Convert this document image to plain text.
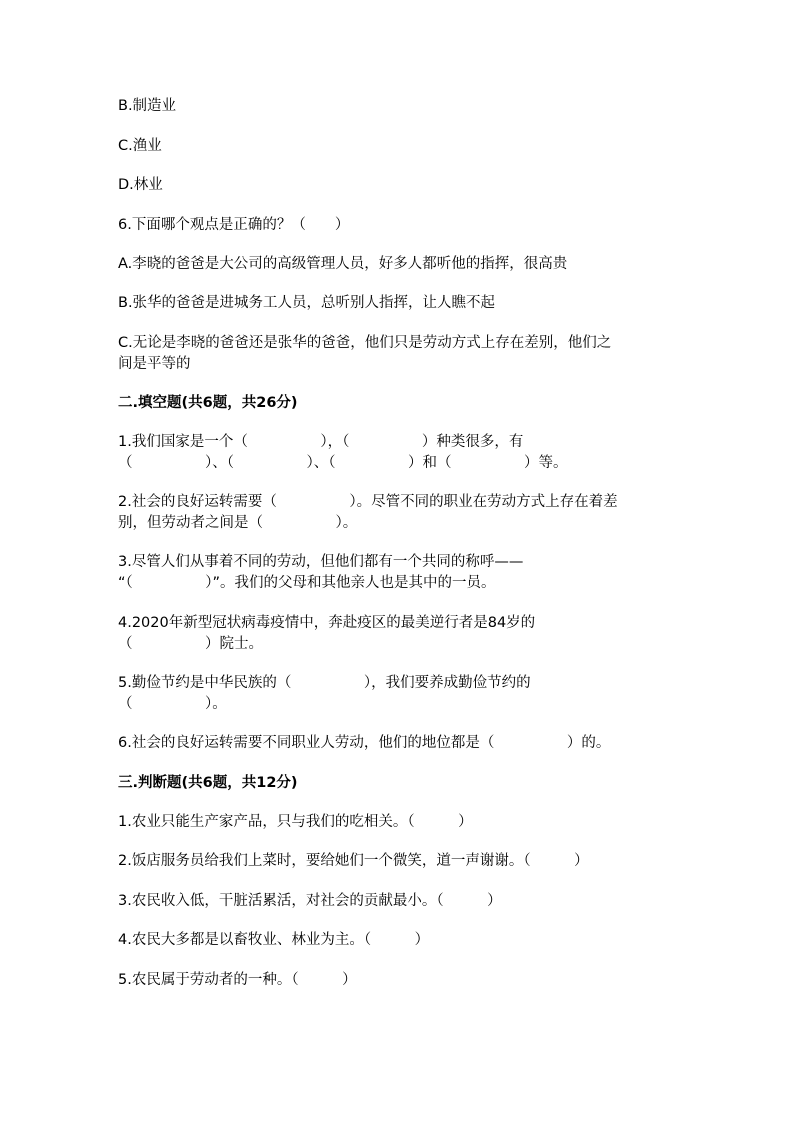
B.制造业
C.渔业
D.林业
6.下面哪个观点是正确的？（　　）
A.李晓的爸爸是大公司的高级管理人员，好多人都听他的指挥，很高贵
B.张华的爸爸是进城务工人员，总听别人指挥，让人瞧不起
C.无论是李晓的爸爸还是张华的爸爸，他们只是劳动方式上存在差别，他们之
间是平等的
二.填空题(共6题，共26分)
1.我们国家是一个（　　　　　），（　　　　　）种类很多，有
（　　　　　）、（　　　　　）、（　　　　　）和（　　　　　）等。
2.社会的良好运转需要（　　　　　）。尽管不同的职业在劳动方式上存在着差
别，但劳动者之间是（　　　　　）。
3.尽管人们从事着不同的劳动，但他们都有一个共同的称呼——
“（　　　　　）”。我们的父母和其他亲人也是其中的一员。
4.2020年新型冠状病毒疫情中，奔赴疫区的最美逆行者是84岁的
（　　　　　）院士。
5.勤俭节约是中华民族的（　　　　　），我们要养成勤俭节约的
（　　　　　）。
6.社会的良好运转需要不同职业人劳动，他们的地位都是（　　　　　）的。
三.判断题(共6题，共12分)
1.农业只能生产家产品，只与我们的吃相关。（　　　）
2.饭店服务员给我们上菜时，要给她们一个微笑，道一声谢谢。（　　　）
3.农民收入低，干脏活累活，对社会的贡献最小。（　　　）
4.农民大多都是以畜牧业、林业为主。（　　　）
5.农民属于劳动者的一种。（　　　）
